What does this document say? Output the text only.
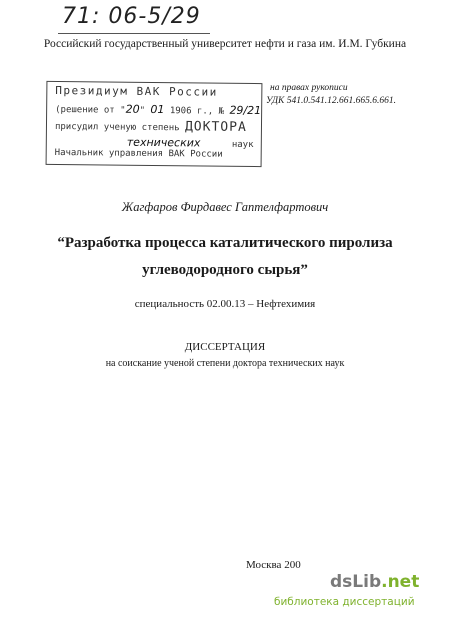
71: 06-5/29
Российский государственный университет нефти и газа им. И.М. Губкина
Президиум ВАК России
(решение от "20" 01 1906 г., № 29/21
присудил ученую степень ДОКТОРА
технических	наук
Начальник управления ВАК России
на правах рукописи
УДК 541.0.541.12.661.665.6.661.
Жагфаров Фирдавес Гаптелфартович
“Разработка процесса каталитического пиролиза углеводородного сырья”
специальность 02.00.13 – Нефтехимия
ДИССЕРТАЦИЯ
на соискание ученой степени доктора технических наук
Москва 200
dsLib.net
библиотека диссертаций
